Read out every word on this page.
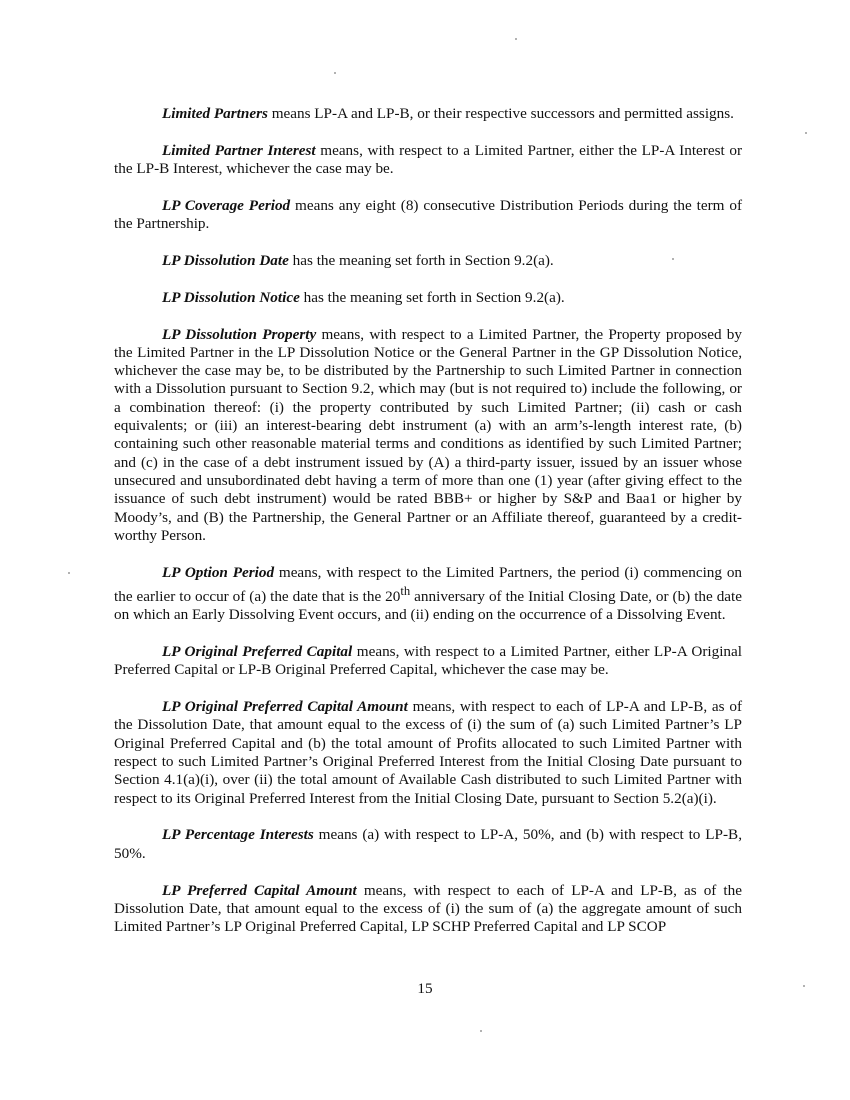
Limited Partners means LP-A and LP-B, or their respective successors and permitted assigns.

Limited Partner Interest means, with respect to a Limited Partner, either the LP-A Interest or the LP-B Interest, whichever the case may be.

LP Coverage Period means any eight (8) consecutive Distribution Periods during the term of the Partnership.

LP Dissolution Date has the meaning set forth in Section 9.2(a).

LP Dissolution Notice has the meaning set forth in Section 9.2(a).

LP Dissolution Property means, with respect to a Limited Partner, the Property proposed by the Limited Partner in the LP Dissolution Notice or the General Partner in the GP Dissolution Notice, whichever the case may be, to be distributed by the Partnership to such Limited Partner in connection with a Dissolution pursuant to Section 9.2, which may (but is not required to) include the following, or a combination thereof: (i) the property contributed by such Limited Partner; (ii) cash or cash equivalents; or (iii) an interest-bearing debt instrument (a) with an arm’s-length interest rate, (b) containing such other reasonable material terms and conditions as identified by such Limited Partner; and (c) in the case of a debt instrument issued by (A) a third-party issuer, issued by an issuer whose unsecured and unsubordinated debt having a term of more than one (1) year (after giving effect to the issuance of such debt instrument) would be rated BBB+ or higher by S&P and Baa1 or higher by Moody’s, and (B) the Partnership, the General Partner or an Affiliate thereof, guaranteed by a credit-worthy Person.

LP Option Period means, with respect to the Limited Partners, the period (i) commencing on the earlier to occur of (a) the date that is the 20th anniversary of the Initial Closing Date, or (b) the date on which an Early Dissolving Event occurs, and (ii) ending on the occurrence of a Dissolving Event.

LP Original Preferred Capital means, with respect to a Limited Partner, either LP-A Original Preferred Capital or LP-B Original Preferred Capital, whichever the case may be.

LP Original Preferred Capital Amount means, with respect to each of LP-A and LP-B, as of the Dissolution Date, that amount equal to the excess of (i) the sum of (a) such Limited Partner’s LP Original Preferred Capital and (b) the total amount of Profits allocated to such Limited Partner with respect to such Limited Partner’s Original Preferred Interest from the Initial Closing Date pursuant to Section 4.1(a)(i), over (ii) the total amount of Available Cash distributed to such Limited Partner with respect to its Original Preferred Interest from the Initial Closing Date, pursuant to Section 5.2(a)(i).

LP Percentage Interests means (a) with respect to LP-A, 50%, and (b) with respect to LP-B, 50%.

LP Preferred Capital Amount means, with respect to each of LP-A and LP-B, as of the Dissolution Date, that amount equal to the excess of (i) the sum of (a) the aggregate amount of such Limited Partner’s LP Original Preferred Capital, LP SCHP Preferred Capital and LP SCOP

15
